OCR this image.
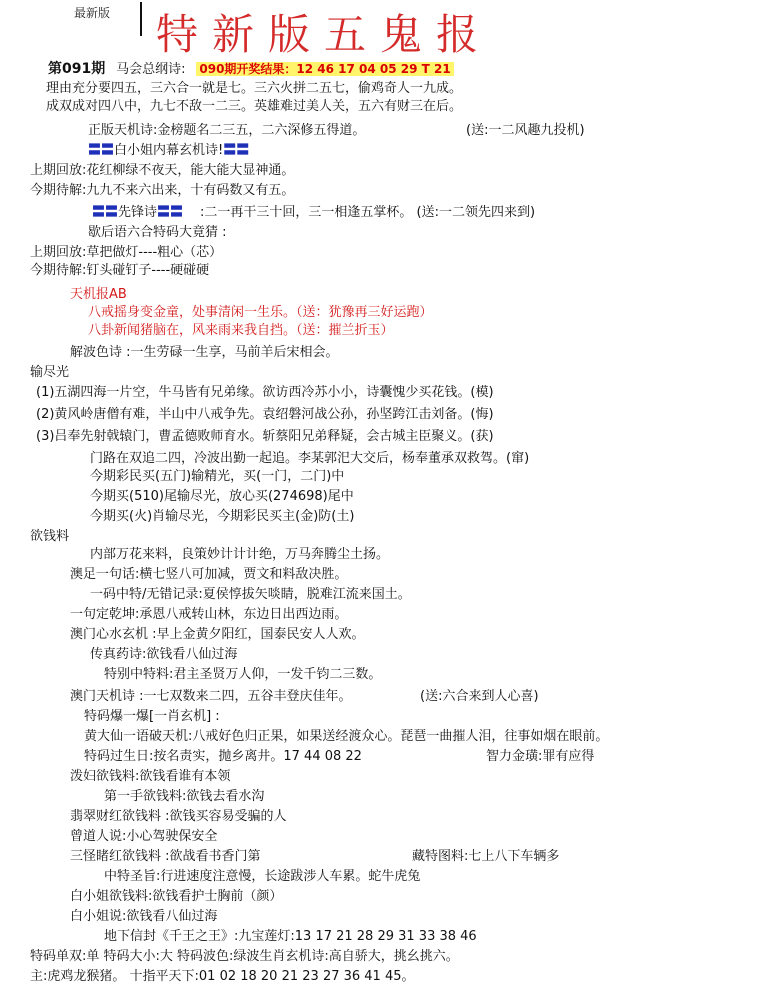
最新版 特新版五鬼报
第091期 马会总纲诗: 090期开奖结果：12 46 17 04 05 29 T 21
理由充分要四五，三六合一就是七。三六火拼二五七，偷鸡奇人一九成。
成双成对四八中，九七不敌一二三。英雄难过美人关，五六有财三在后。
正版天机诗:金榜题名二三五，二六深修五得道。	(送:一二风趣九投机)
〓〓白小姐内幕玄机诗!〓〓
上期回放:花红柳绿不夜天，能大能大显神通。
今期待解:九九不来六出来，十有码数又有五。
〓〓先锋诗〓〓 :二一再干三十回，三一相逢五掌杯。 (送:一二领先四来到)
歇后语六合特码大竟猜 :
上期回放:草把做灯----粗心（芯）
今期待解:钉头碰钉子----硬碰硬
天机报AB
八戒摇身变金童，处事清闲一生乐。（送：犹豫再三好运跑）
八卦新闻猪脑在，风来雨来我自挡。（送：摧兰折玉）
解波色诗 :一生劳碌一生享，马前羊后宋相会。
输尽光
(1)五湖四海一片空，牛马皆有兄弟缘。欲访西冷苏小小，诗囊愧少买花钱。(模)
(2)黄风岭唐僧有难，半山中八戒争先。袁绍磐河战公孙，孙坚跨江击刘备。(悔)
(3)吕奉先射戟辕门，曹孟德败师育水。斩蔡阳兄弟释疑，会古城主臣聚义。(获)
门路在双追二四，冷波出勤一起追。李某郭汜大交后，杨奉董承双救驾。(窜)
今期彩民买(五门)输精光，买(一门，二门)中
今期买(510)尾输尽光，放心买(274698)尾中
今期买(火)肖输尽光，今期彩民买主(金)防(土)
欲钱料
内部万花来料，良策妙计计计绝，万马奔腾尘土扬。
澳足一句话:横七竖八可加减，贾文和料敌决胜。
一码中特/无错记录:夏侯惇拔矢啖睛，脱难江流来国土。
一句定乾坤:承恩八戒转山林，东边日出西边雨。
澳门心水玄机 :早上金黄夕阳红，国泰民安人人欢。
传真药诗:欲钱看八仙过海
特别中特料:君主圣贤万人仰，一发千钧二三数。
澳门天机诗 :一七双数来二四，五谷丰登庆佳年。	(送:六合来到人心喜)
特码爆一爆[一肖玄机] :
黄大仙一语破天机:八戒好色归正果，如果送经渡众心。琵琶一曲摧人泪，往事如烟在眼前。
特码过生日:按名责实，抛乡离井。17 44 08 22	智力金璜:罪有应得
泼妇欲钱料:欲钱看谁有本领
第一手欲钱料:欲钱去看水沟
翡翠财红欲钱料 :欲钱买容易受骗的人
曾道人说:小心驾驶保安全
三怪睹红欲钱料 :欲战看书香门第	藏特图料:七上八下车辆多
中特圣旨:行进速度注意慢，长途跋涉人车累。蛇牛虎兔
白小姐欲钱料:欲钱看护士胸前（颜）
白小姐说:欲钱看八仙过海
地下信封《千王之王》:九宝莲灯:13 17 21 28 29 31 33 38 46
特码单双:单 特码大小:大 特码波色:绿波生肖玄机诗:高自骄大，挑幺挑六。
主:虎鸡龙猴猪。 十指平天下:01 02 18 20 21 23 27 36 41 45。
